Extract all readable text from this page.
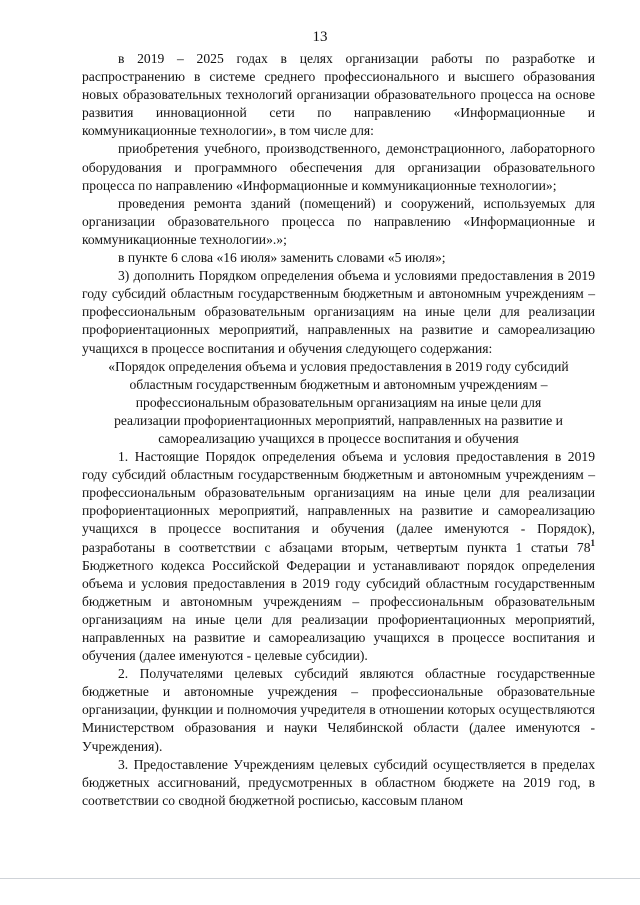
13

в 2019 – 2025 годах в целях организации работы по разработке и распространению в системе среднего профессионального и высшего образования новых образовательных технологий организации образовательного процесса на основе развития инновационной сети по направлению «Информационные и коммуникационные технологии», в том числе для:

приобретения учебного, производственного, демонстрационного, лабораторного оборудования и программного обеспечения для организации образовательного процесса по направлению «Информационные и коммуникационные технологии»;

проведения ремонта зданий (помещений) и сооружений, используемых для организации образовательного процесса по направлению «Информационные и коммуникационные технологии».»;

в пункте 6 слова «16 июля» заменить словами «5 июля»;

3) дополнить Порядком определения объема и условиями предоставления в 2019 году субсидий областным государственным бюджетным и автономным учреждениям – профессиональным образовательным организациям на иные цели для реализации профориентационных мероприятий, направленных на развитие и самореализацию учащихся в процессе воспитания и обучения следующего содержания:

«Порядок определения объема и условия предоставления в 2019 году субсидий

областным государственным бюджетным и автономным учреждениям –

профессиональным образовательным организациям на иные цели для

реализации профориентационных мероприятий, направленных на развитие и

самореализацию учащихся в процессе воспитания и обучения

1. Настоящие Порядок определения объема и условия предоставления в 2019 году субсидий областным государственным бюджетным и автономным учреждениям – профессиональным образовательным организациям на иные цели для реализации профориентационных мероприятий, направленных на развитие и самореализацию учащихся в процессе воспитания и обучения (далее именуются - Порядок), разработаны в соответствии с абзацами вторым, четвертым пункта 1 статьи $78^1$ Бюджетного кодекса Российской Федерации и устанавливают порядок определения объема и условия предоставления в 2019 году субсидий областным государственным бюджетным и автономным учреждениям – профессиональным образовательным организациям на иные цели для реализации профориентационных мероприятий, направленных на развитие и самореализацию учащихся в процессе воспитания и обучения (далее именуются - целевые субсидии).

2. Получателями целевых субсидий являются областные государственные бюджетные и автономные учреждения – профессиональные образовательные организации, функции и полномочия учредителя в отношении которых осуществляются Министерством образования и науки Челябинской области (далее именуются - Учреждения).

3. Предоставление Учреждениям целевых субсидий осуществляется в пределах бюджетных ассигнований, предусмотренных в областном бюджете на 2019 год, в соответствии со сводной бюджетной росписью, кассовым планом
